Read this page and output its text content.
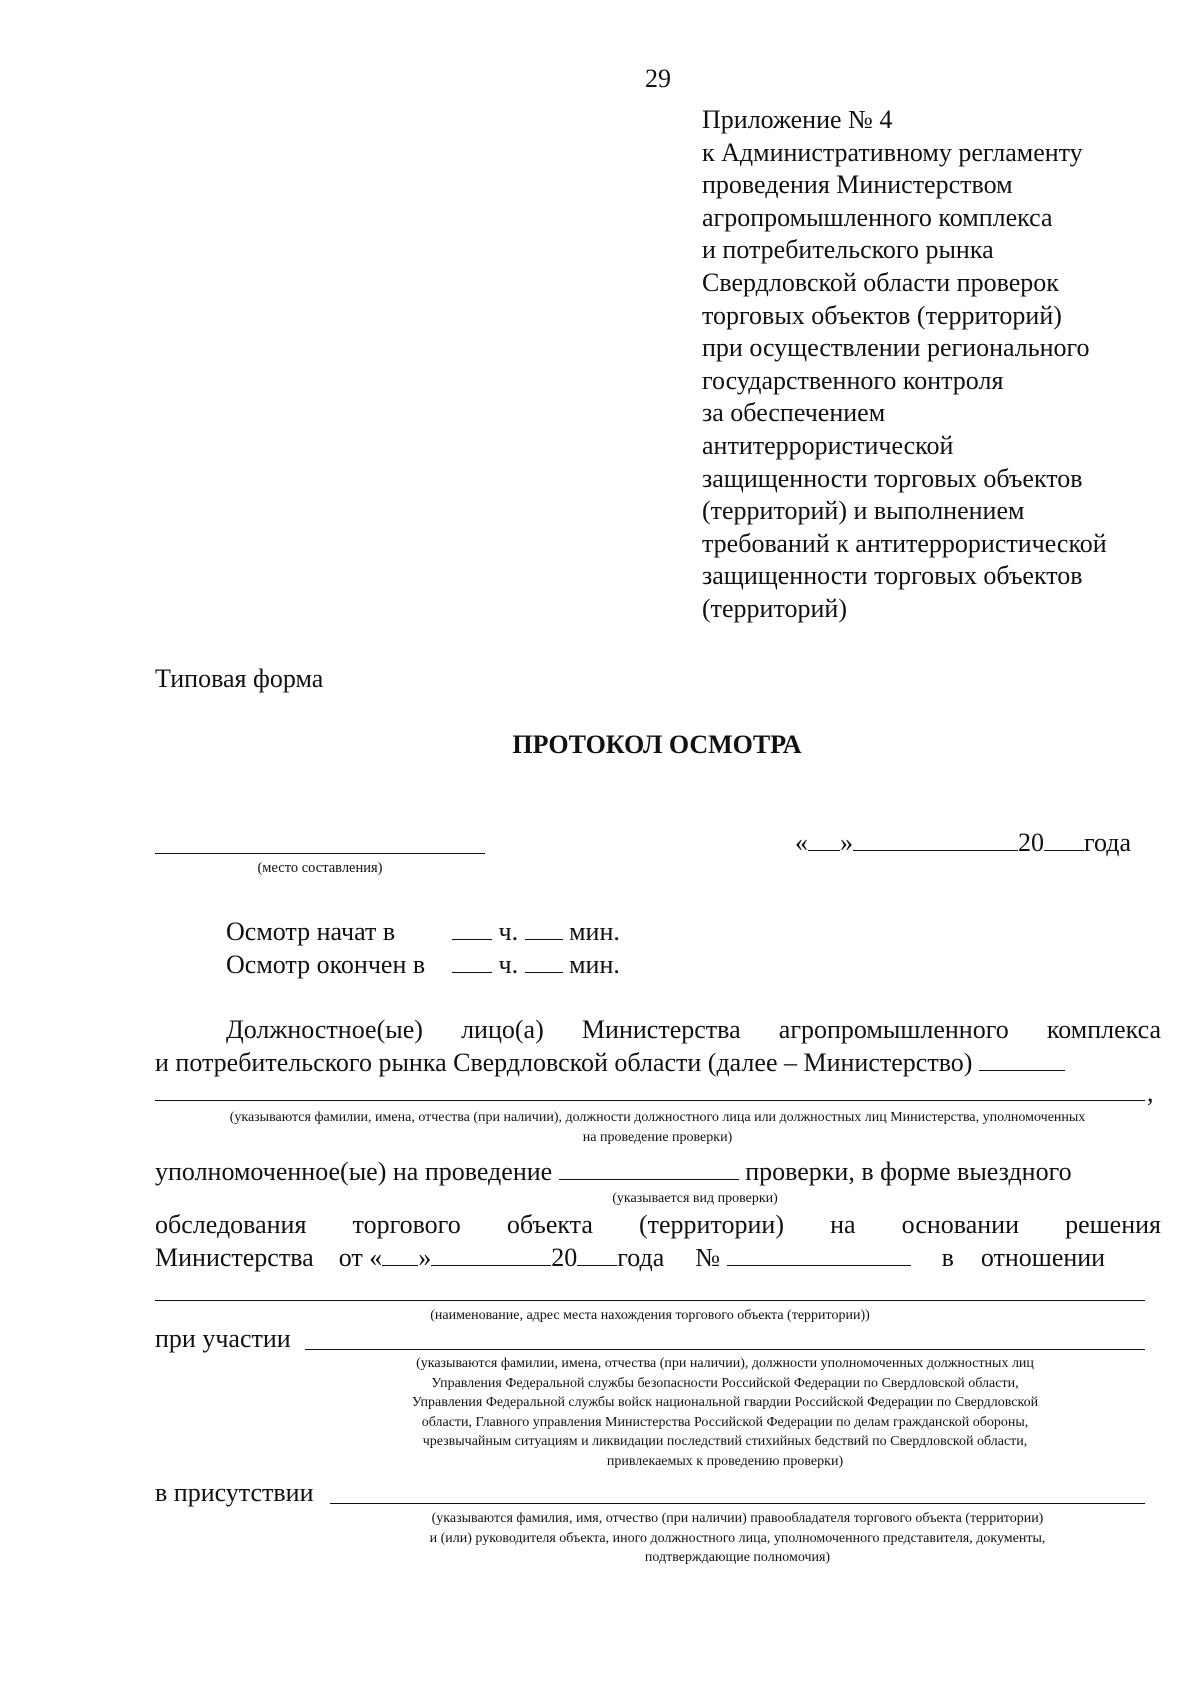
29
Приложение № 4
к Административному регламенту
проведения Министерством
агропромышленного комплекса
и потребительского рынка
Свердловской области проверок
торговых объектов (территорий)
при осуществлении регионального
государственного контроля
за обеспечением
антитеррористической
защищенности торговых объектов
(территорий) и выполнением
требований к антитеррористической
защищенности торговых объектов
(территорий)
Типовая форма
ПРОТОКОЛ ОСМОТРА
(место составления)
« »	20 года
Осмотр начат в	ч. мин.
Осмотр окончен в	ч. мин.
Должностное(ые) лицо(а) Министерства агропромышленного комплекса
и потребительского рынка Свердловской области (далее – Министерство)
,
(указываются фамилии, имена, отчества (при наличии), должности должностного лица или должностных лиц Министерства, уполномоченных
на проведение проверки)
уполномоченное(ые) на проведение	проверки, в форме выездного
(указывается вид проверки)
обследования торгового объекта (территории) на основании решения
Министерства от « »	20 года №	в отношении
(наименование, адрес места нахождения торгового объекта (территории))
при участии
(указываются фамилии, имена, отчества (при наличии), должности уполномоченных должностных лиц
Управления Федеральной службы безопасности Российской Федерации по Свердловской области,
Управления Федеральной службы войск национальной гвардии Российской Федерации по Свердловской
области, Главного управления Министерства Российской Федерации по делам гражданской обороны,
чрезвычайным ситуациям и ликвидации последствий стихийных бедствий по Свердловской области,
привлекаемых к проведению проверки)
в присутствии
(указываются фамилия, имя, отчество (при наличии) правообладателя торгового объекта (территории)
и (или) руководителя объекта, иного должностного лица, уполномоченного представителя, документы,
подтверждающие полномочия)
